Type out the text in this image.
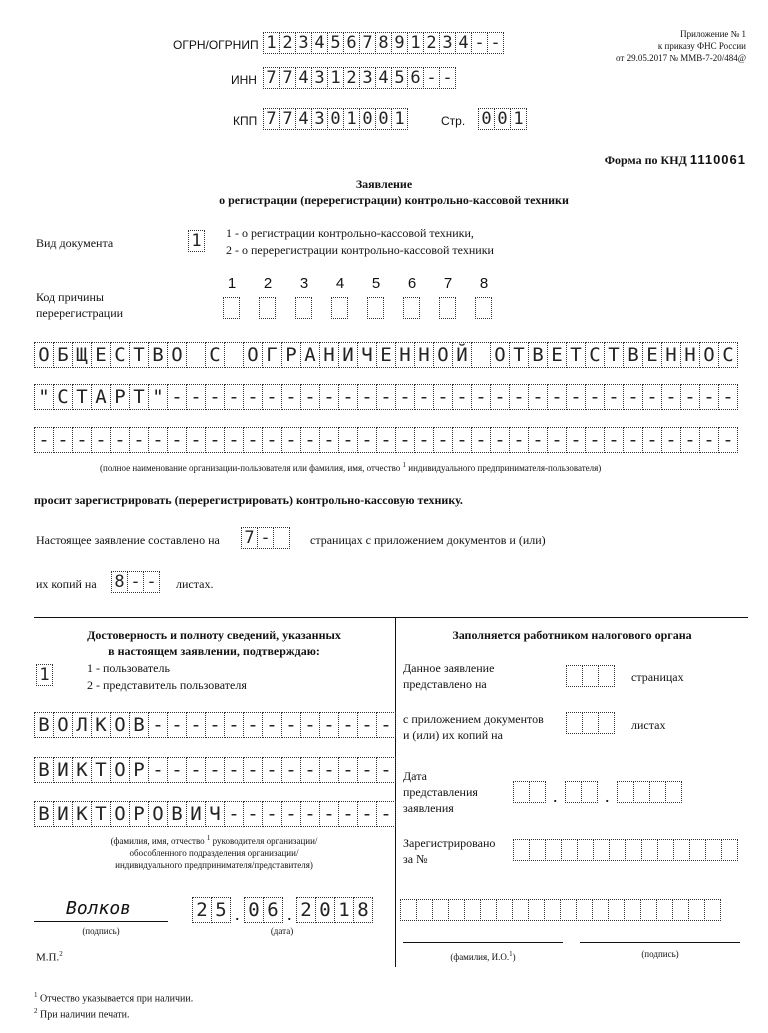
ОГРН/ОГРНИП 1 2 3 4 5 6 7 8 9 1 2 3 4 - -
ИНН 7 7 4 3 1 2 3 4 5 6 - -
КПП 7 7 4 3 0 1 0 0 1	Стр. 0 0 1
Приложение № 1
к приказу ФНС России
от 29.05.2017 № ММВ-7-20/484@
Форма по КНД 1110061
Заявление
о регистрации (перерегистрации) контрольно-кассовой техники
Вид документа	1 1 - о регистрации контрольно-кассовой техники,
2 - о перерегистрации контрольно-кассовой техники
Код причины
перерегистрации
1	2	3	4	5	6	7	8
О Б Щ Е С Т В О С О Г Р А Н И Ч Е Н Н О Й О Т В Е Т С Т В Е Н Н О С
" С Т А Р Т " - - - - - - - - - - - - - - - - - - - - - - - - - - - - - -
- - - - - - - - - - - - - - - - - - - - - - - - - - - - - - - - - - - - -
(полное наименование организации-пользователя или фамилия, имя, отчество $^1$ индивидуального предпринимателя-пользователя)
просит зарегистрировать (перерегистрировать) контрольно-кассовую технику.
Настоящее заявление составлено на 7 -	страницах с приложением документов и (или)
их копий на 8 - - листах.
Достоверность и полноту сведений, указанных
в настоящем заявлении, подтверждаю:
1	1 - пользователь
2 - представитель пользователя
В О Л К О В - - - - - - - - - - - - -
В И К Т О Р - - - - - - - - - - - - -
В И К Т О Р О В И Ч - - - - - - - - -
(фамилия, имя, отчество $^1$ руководителя организации/
обособленного подразделения организации/
индивидуального предпринимателя/представителя)
Волков
(подпись)
2 5 . 0 6 . 2 0 1 8
(дата)
М.П.$^2$
Заполняется работником налогового органа
Данное заявление
представлено на	страницах
с приложением документов
и (или) их копий на
листах
Дата
представления
заявления
.	.
Зарегистрировано
за №
(фамилия, И.О.$^1$)	(подпись)
$^1$ Отчество указывается при наличии.
$^2$ При наличии печати.
